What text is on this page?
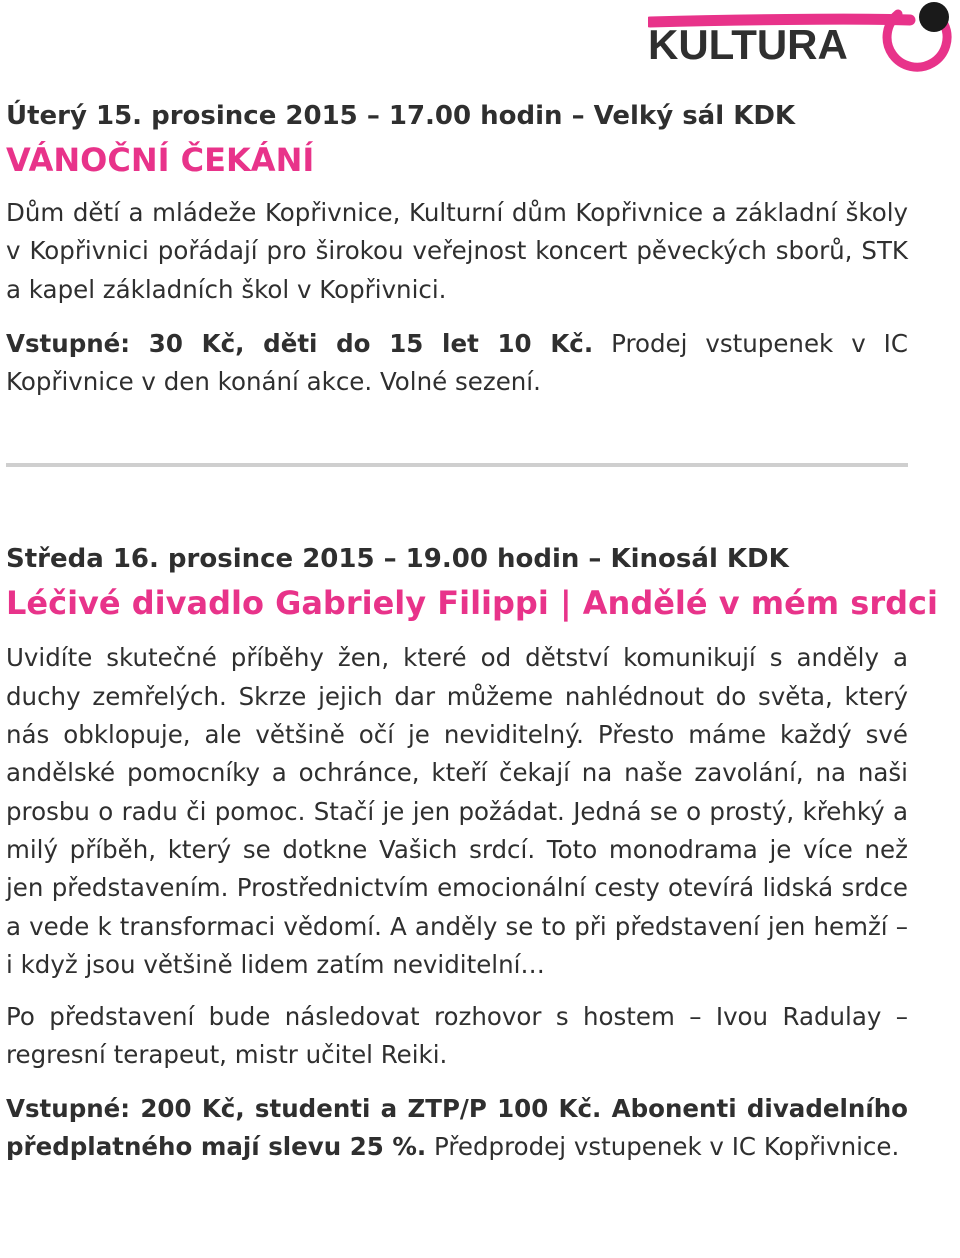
KULTURA
Úterý 15. prosince 2015 – 17.00 hodin – Velký sál KDK
VÁNOČNÍ ČEKÁNÍ

Dům dětí a mládeže Kopřivnice, Kulturní dům Kopřivnice a základní školy v Kopřivnici pořádají pro širokou veřejnost koncert pěveckých sborů, STK a kapel základních škol v Kopřivnici.

Vstupné: 30 Kč, děti do 15 let 10 Kč. Prodej vstupenek v IC Kopřivnice v den konání akce. Volné sezení.

Středa 16. prosince 2015 – 19.00 hodin – Kinosál KDK
Léčivé divadlo Gabriely Filippi | Andělé v mém srdci

Uvidíte skutečné příběhy žen, které od dětství komunikují s anděly a duchy zemřelých. Skrze jejich dar můžeme nahlédnout do světa, který nás obklopuje, ale většině očí je neviditelný. Přesto máme každý své andělské pomocníky a ochránce, kteří čekají na naše zavolání, na naši prosbu o radu či pomoc. Stačí je jen požádat. Jedná se o prostý, křehký a milý příběh, který se dotkne Vašich srdcí. Toto monodrama je více než jen představením. Prostřednictvím emocionální cesty otevírá lidská srdce a vede k transformaci vědomí. A anděly se to při představení jen hemží – i když jsou většině lidem zatím neviditelní…

Po představení bude následovat rozhovor s hostem – Ivou Radulay – regresní terapeut, mistr učitel Reiki.

Vstupné: 200 Kč, studenti a ZTP/P 100 Kč. Abonenti divadelního předplatného mají slevu 25 %. Předprodej vstupenek v IC Kopřivnice.
